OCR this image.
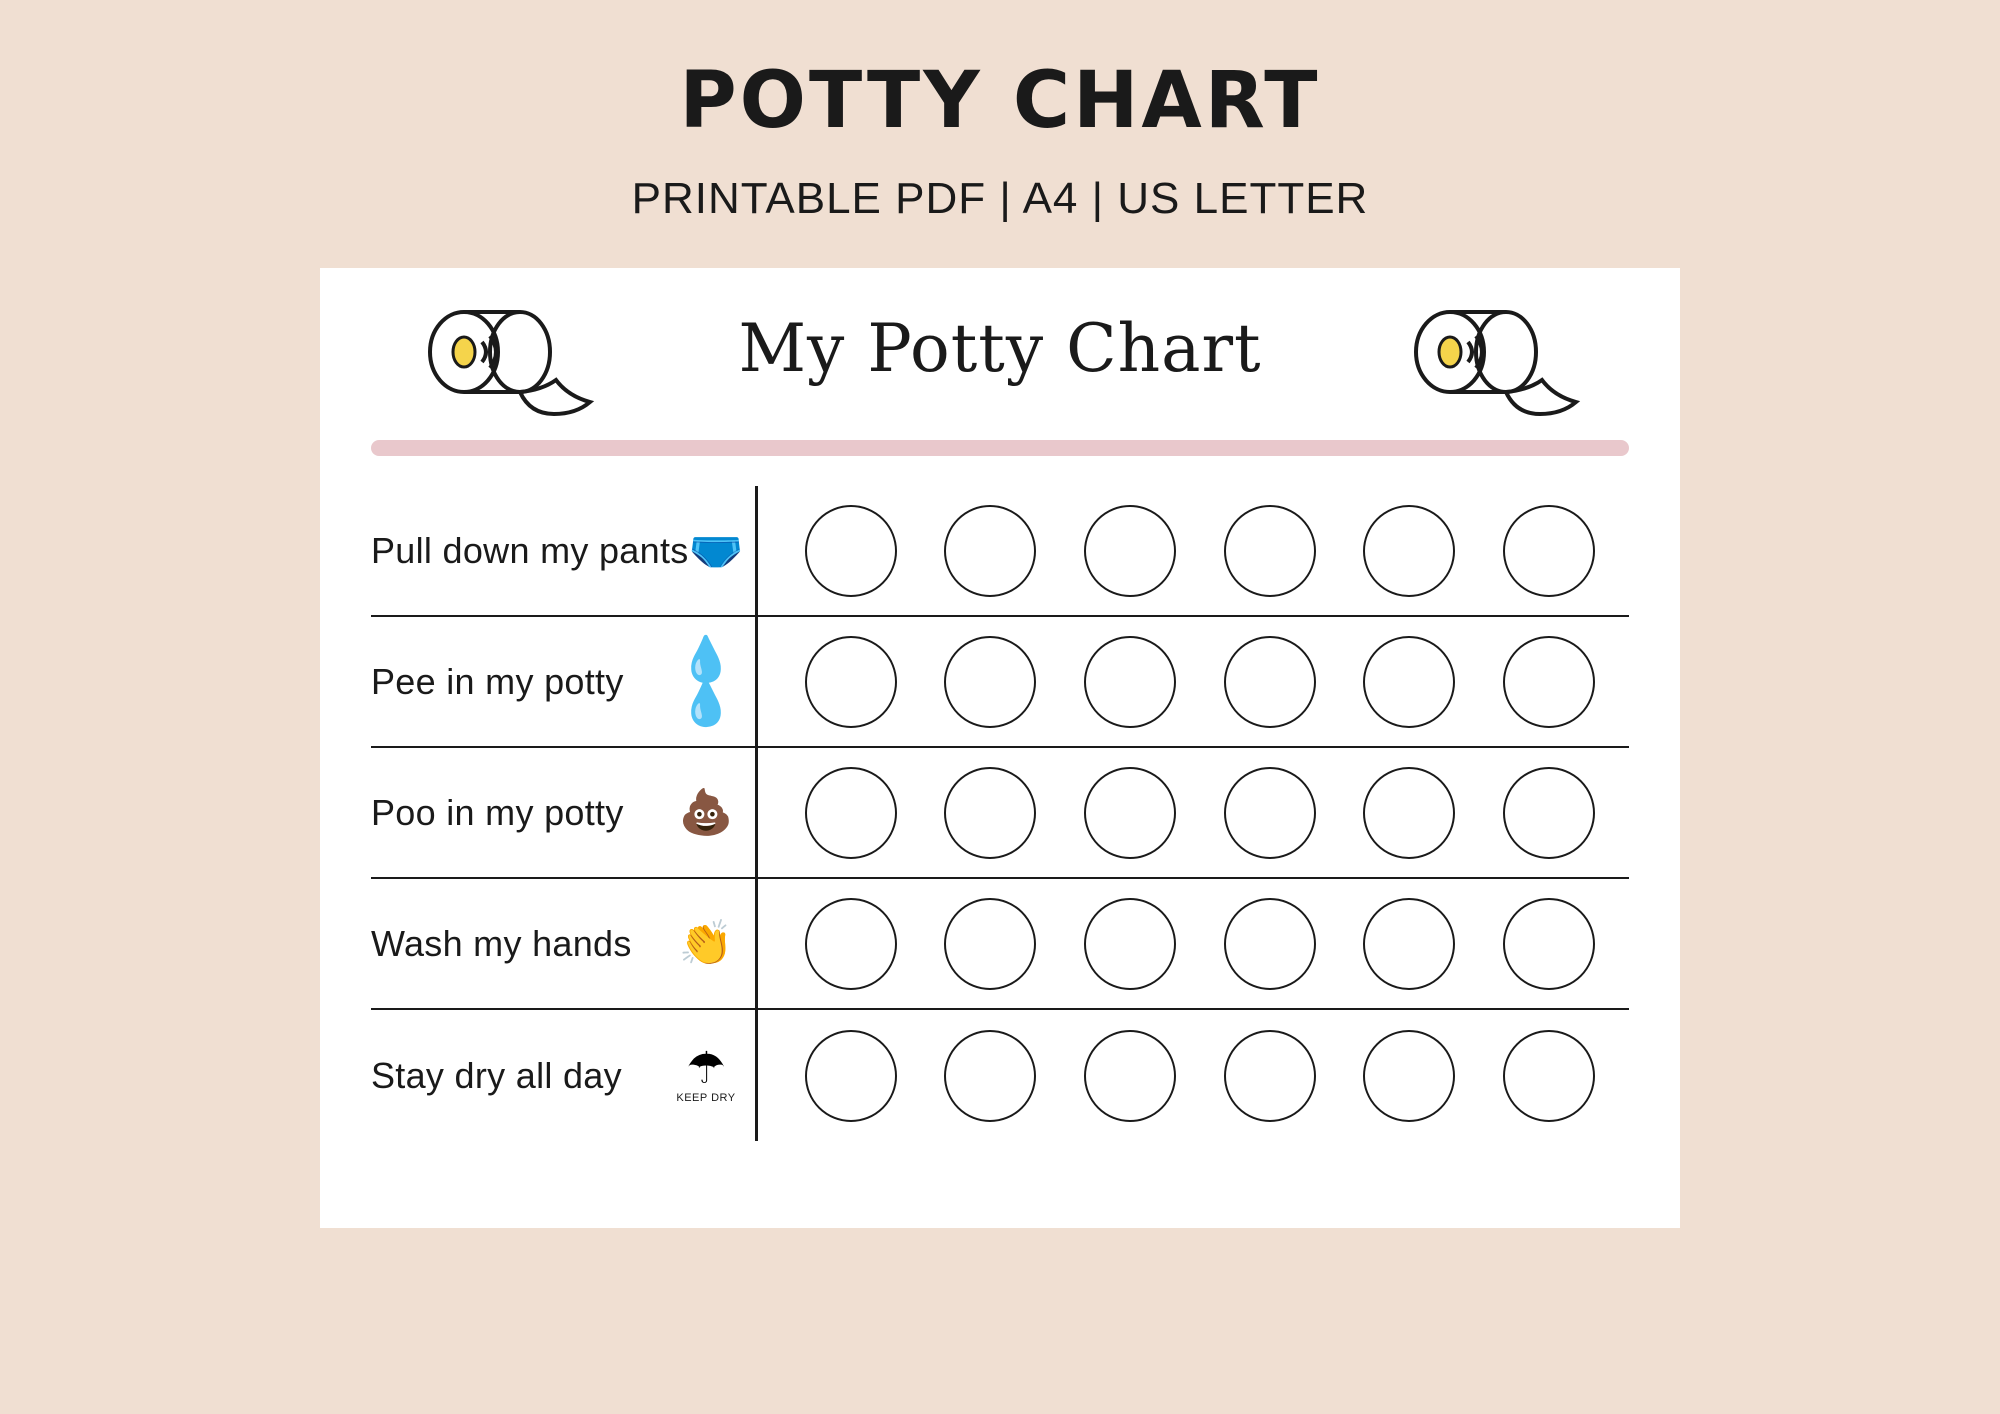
POTTY CHART
PRINTABLE PDF | A4 | US LETTER
My Potty Chart
Pull down my pants 🩲
Pee in my potty 💧💧
Poo in my potty 💩
Wash my hands 👏
Stay dry all day ☂
KEEP DRY
